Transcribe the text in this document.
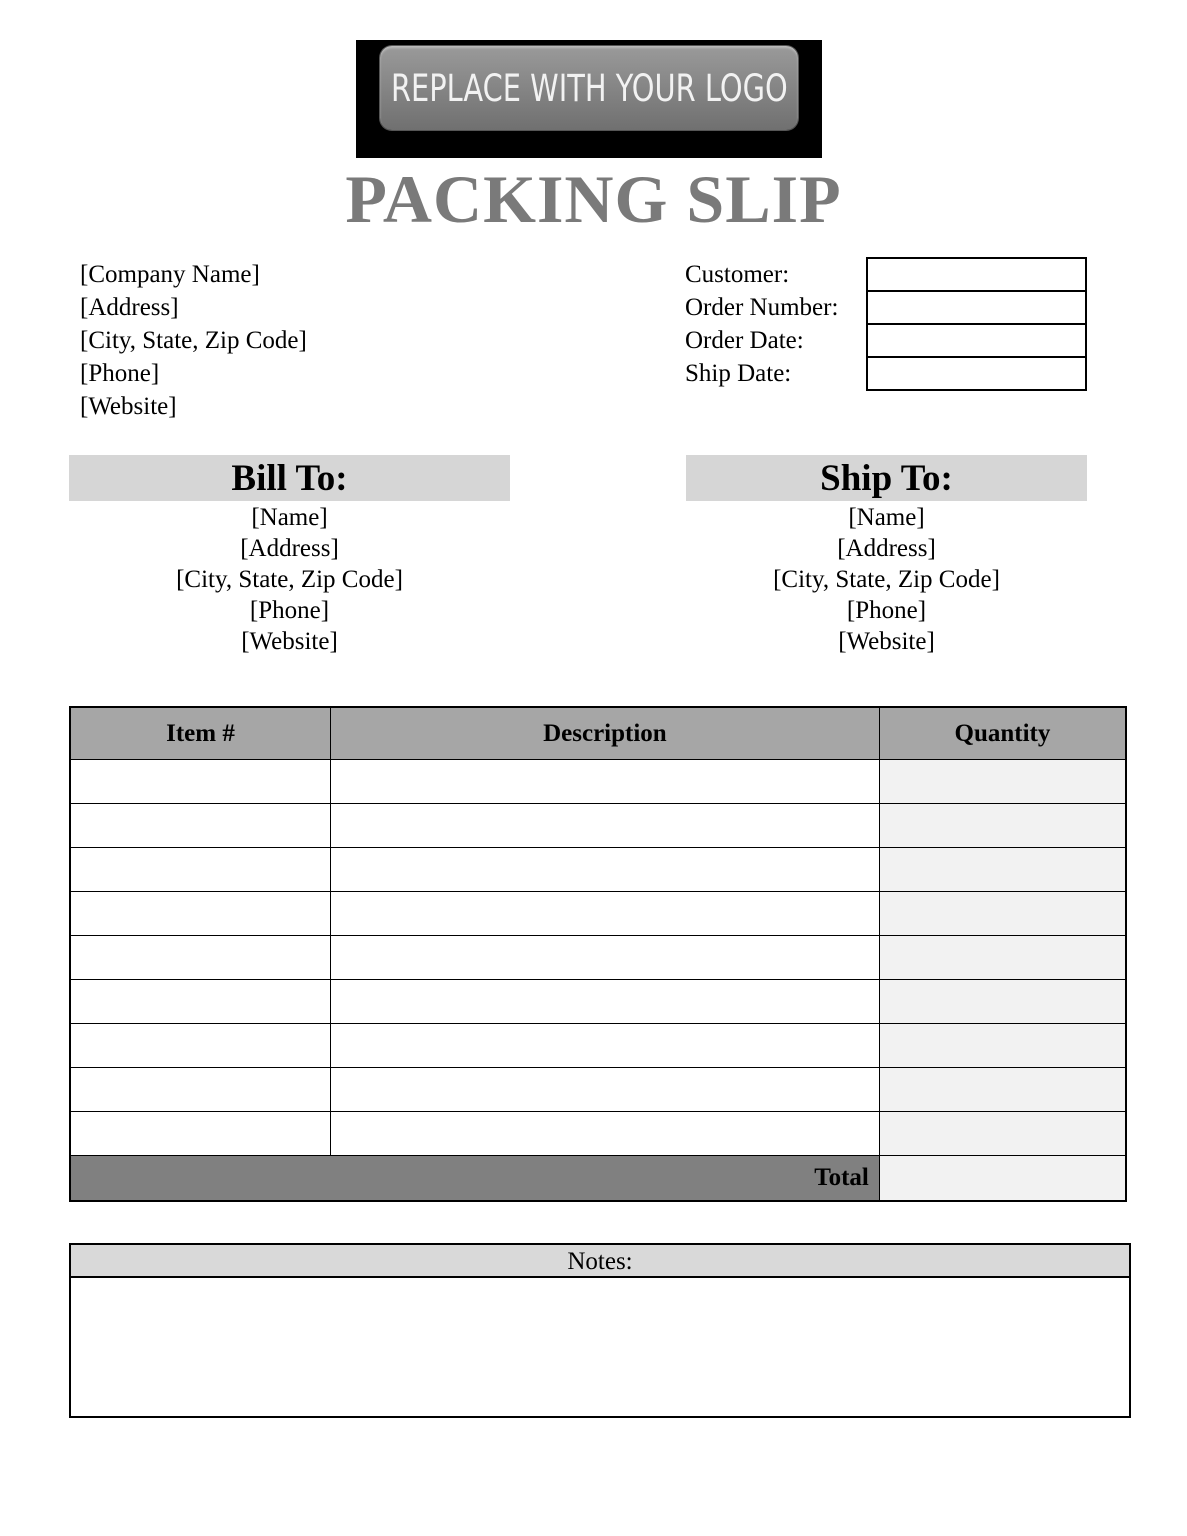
REPLACE WITH YOUR LOGO
PACKING SLIP
[Company Name]
[Address]
[City, State, Zip Code]
[Phone]
[Website]
Customer:
Order Number:
Order Date:
Ship Date:
Bill To:
[Name]
[Address]
[City, State, Zip Code]
[Phone]
[Website]
Ship To:
[Name]
[Address]
[City, State, Zip Code]
[Phone]
[Website]
Item #	Description	Quantity

Total		
Notes:
